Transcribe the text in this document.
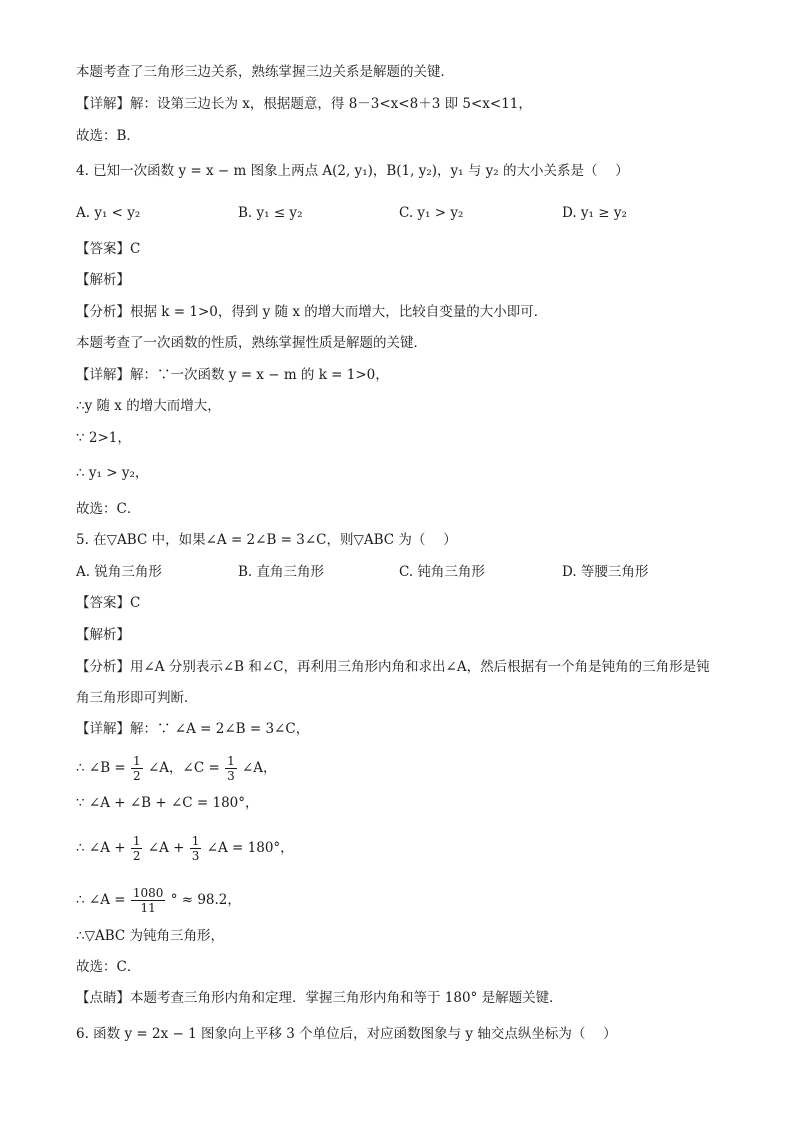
本题考查了三角形三边关系，熟练掌握三边关系是解题的关键．
【详解】解：设第三边长为 x，根据题意，得 8－3<x<8＋3 即 5<x<11，
故选：B．
4. 已知一次函数 y = x − m 图象上两点 A(2, y₁)，B(1, y₂)，y₁ 与 y₂ 的大小关系是（　 ）
A. y₁ < y₂	B. y₁ ≤ y₂	C. y₁ > y₂	D. y₁ ≥ y₂
【答案】C
【解析】
【分析】根据 k = 1>0，得到 y 随 x 的增大而增大，比较自变量的大小即可．
本题考查了一次函数的性质，熟练掌握性质是解题的关键．
【详解】解：∵一次函数 y = x − m 的 k = 1>0，
∴y 随 x 的增大而增大，
∵ 2>1，
∴ y₁ > y₂，
故选：C．
5. 在▽ABC 中，如果∠A = 2∠B = 3∠C，则▽ABC 为（　 ）
A. 锐角三角形	B. 直角三角形	C. 钝角三角形	D. 等腰三角形
【答案】C
【解析】
【分析】用∠A 分别表示∠B 和∠C，再利用三角形内角和求出∠A，然后根据有一个角是钝角的三角形是钝
角三角形即可判断．
【详解】解：∵ ∠A = 2∠B = 3∠C，
∴ ∠B = $\frac{1}{2}$ ∠A，∠C = $\frac{1}{3}$ ∠A，
∵ ∠A + ∠B + ∠C = 180°，
∴ ∠A + $\frac{1}{2}$ ∠A + $\frac{1}{3}$ ∠A = 180°，
∴ ∠A = $\frac{1080}{11}$ ° ≈ 98.2，
∴▽ABC 为钝角三角形，
故选：C．
【点睛】本题考查三角形内角和定理．掌握三角形内角和等于 180° 是解题关键．
6. 函数 y = 2x − 1 图象向上平移 3 个单位后，对应函数图象与 y 轴交点纵坐标为（　 ）
